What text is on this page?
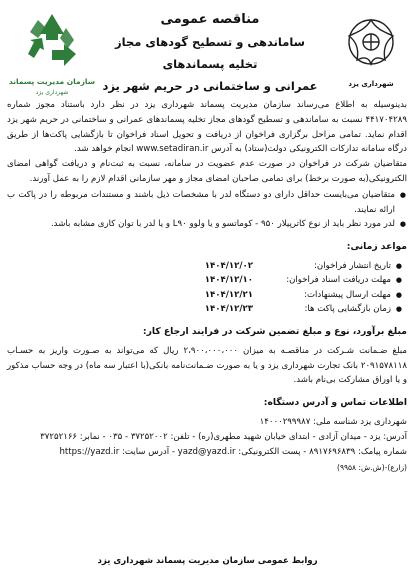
شهرداری یزد
مناقصه عمومی
ساماندهی و تسطیح گودهای مجاز تخلیه پسماندهای
عمرانی و ساختمانی در حریم شهر یزد
سازمان مدیریت پسماند
شهرداری یزد

بدینوسیله به اطلاع می‌رساند سازمان مدیریت پسماند شهرداری یزد در نظر دارد باستناد مجوز شماره ۴۴۱۷۰۴۲۸۹ نسبت به ساماندهی و تسطیح گودهای مجاز تخلیه پسماندهای عمرانی و ساختمانی در حریم شهر یزد اقدام نماید. تمامی مراحل برگزاری فراخوان از دریافت و تحویل اسناد فراخوان تا بازگشایی پاکت‌ها از طریق درگاه سامانه تدارکات الکترونیکی دولت(ستاد) به آدرس www.setadiran.ir انجام خواهد شد.

متقاضیان شرکت در فراخوان در صورت عدم عضویت در سامانه، نسبت به ثبت‌نام و دریافت گواهی امضای الکترونیکی(به صورت برخط) برای تمامی صاحبان امضای مجاز و مهر سازمانی اقدام لازم را به عمل آورند.

● متقاضیان می‌بایست حداقل دارای دو دستگاه لدر با مشخصات ذیل باشند و مستندات مربوطه را در پاکت ب ارائه نمایند.
● لدر مورد نظر باید از نوع کاترپیلار ۹۵۰ - کوماتسو و یا ولوو L۹۰ و یا لدر با توان کاری مشابه باشد.
مواعد زمانی:
● تاریخ انتشار فراخوان:
۱۴۰۴/۱۲/۰۲
● مهلت دریافت اسناد فراخوان:
۱۴۰۴/۱۲/۱۰
● مهلت ارسال پیشنهادات:
۱۴۰۴/۱۲/۲۱
● زمان بازگشایی پاکت ها:
۱۴۰۴/۱۲/۲۳
مبلغ برآورد، نوع و مبلغ تضمین شرکت در فرایند ارجاع کار:

مبلغ ضـمانت شـرکت در مناقصـه به میزان ۲،۹۰۰،۰۰۰،۰۰۰ ریال که می‌تواند به صـورت واریز به حسـاب ۲۰۹۱۵۷۸۱۱۸ بانک تجارت شهرداری یزد و یا به صورت ضـمانت‌نامه بانکی(با اعتبار سه ماه) در وجه حساب مذکور و یا اوراق مشارکت بی‌نام باشد.

اطلاعات تماس و آدرس دستگاه:
شهرداری یزد شناسه ملی: ۱۴۰۰۰۲۹۹۹۸۷
آدرس: یزد - میدان آزادی - ابتدای خیابان شهید مطهری(ره) - تلفن: ۳۷۲۵۲۰۰۲ - ۰۳۵ - نمابر: ۳۷۲۵۲۱۶۶
شماره پیامک: ۸۹۱۷۶۹۶۸۳۹ - پست الکترونیکی: yazd@yazd.ir - آدرس سایت: https://yazd.ir
(زارع)-(ش.ش: ۹۹۵۸)
روابط عمومی سازمان مدیریت پسماند شهرداری یزد
